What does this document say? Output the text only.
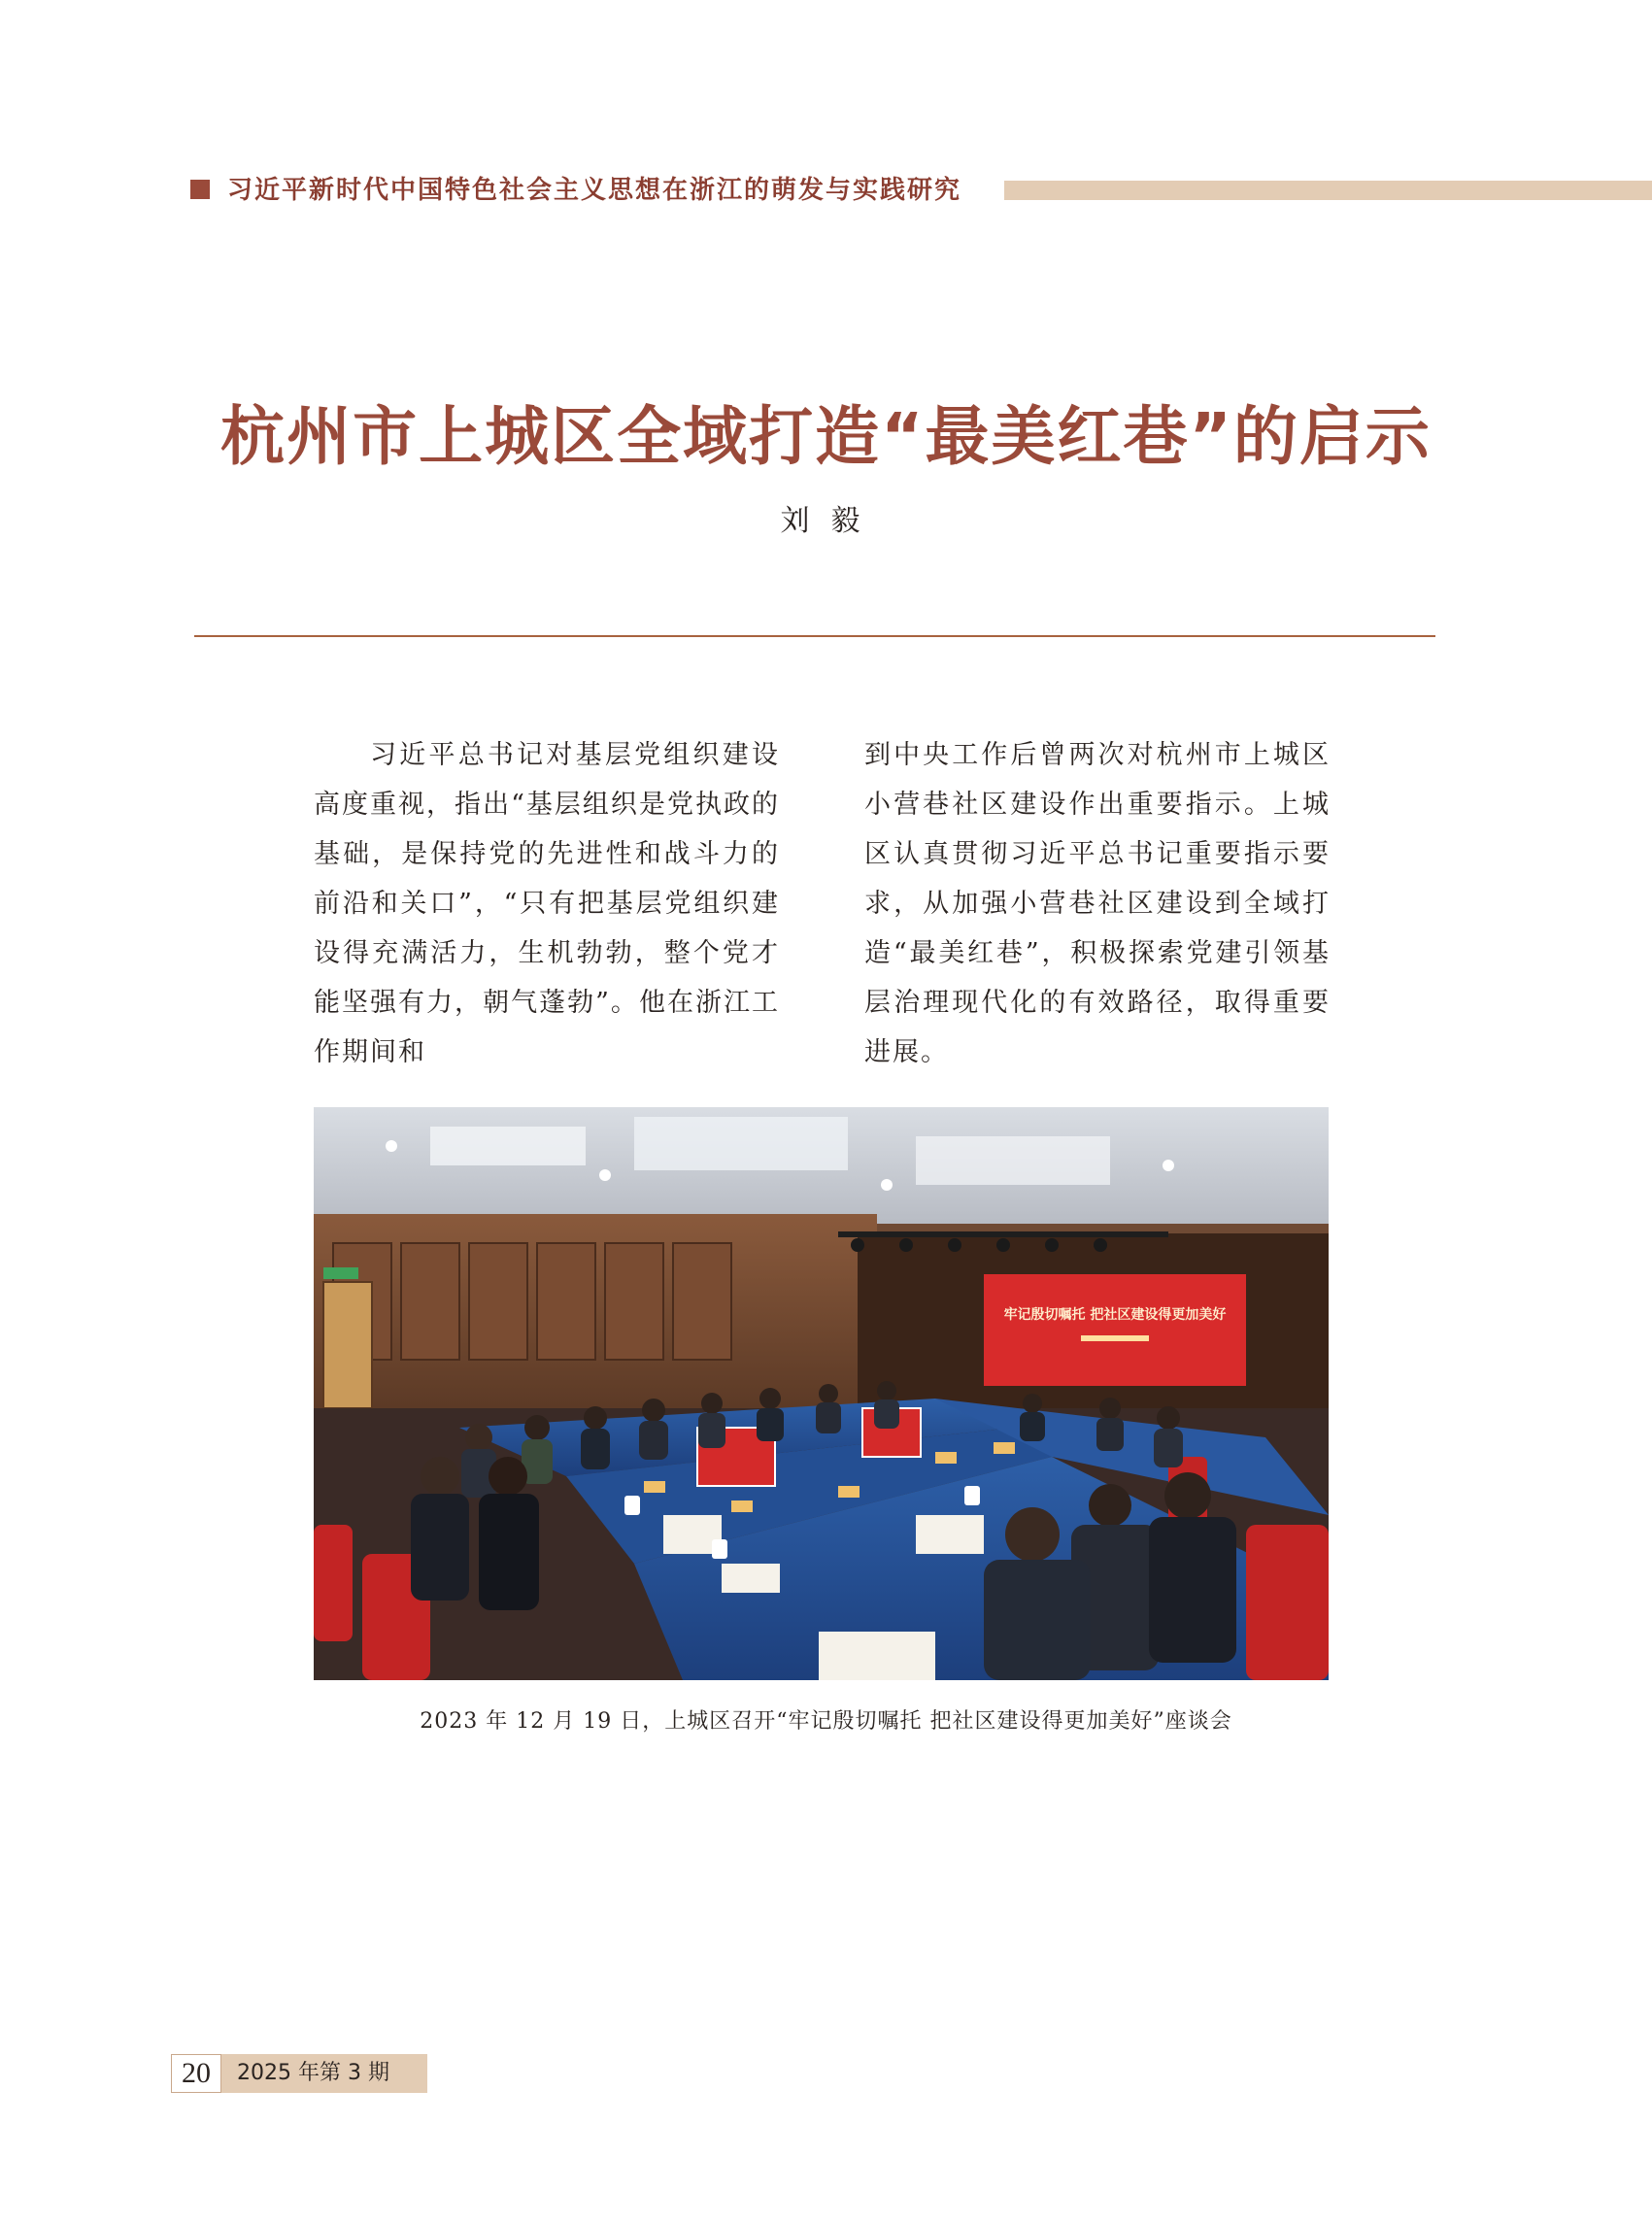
习近平新时代中国特色社会主义思想在浙江的萌发与实践研究
杭州市上城区全域打造“最美红巷”的启示
刘毅
习近平总书记对基层党组织建设高度重视，指出“基层组织是党执政的基础，是保持党的先进性和战斗力的前沿和关口”，“只有把基层党组织建设得充满活力，生机勃勃，整个党才能坚强有力，朝气蓬勃”。他在浙江工作期间和
到中央工作后曾两次对杭州市上城区小营巷社区建设作出重要指示。上城区认真贯彻习近平总书记重要指示要求，从加强小营巷社区建设到全域打造“最美红巷”，积极探索党建引领基层治理现代化的有效路径，取得重要进展。
牢记殷切嘱托 把社区建设得更加美好
2023 年 12 月 19 日，上城区召开“牢记殷切嘱托 把社区建设得更加美好”座谈会
20	2025 年第 3 期
